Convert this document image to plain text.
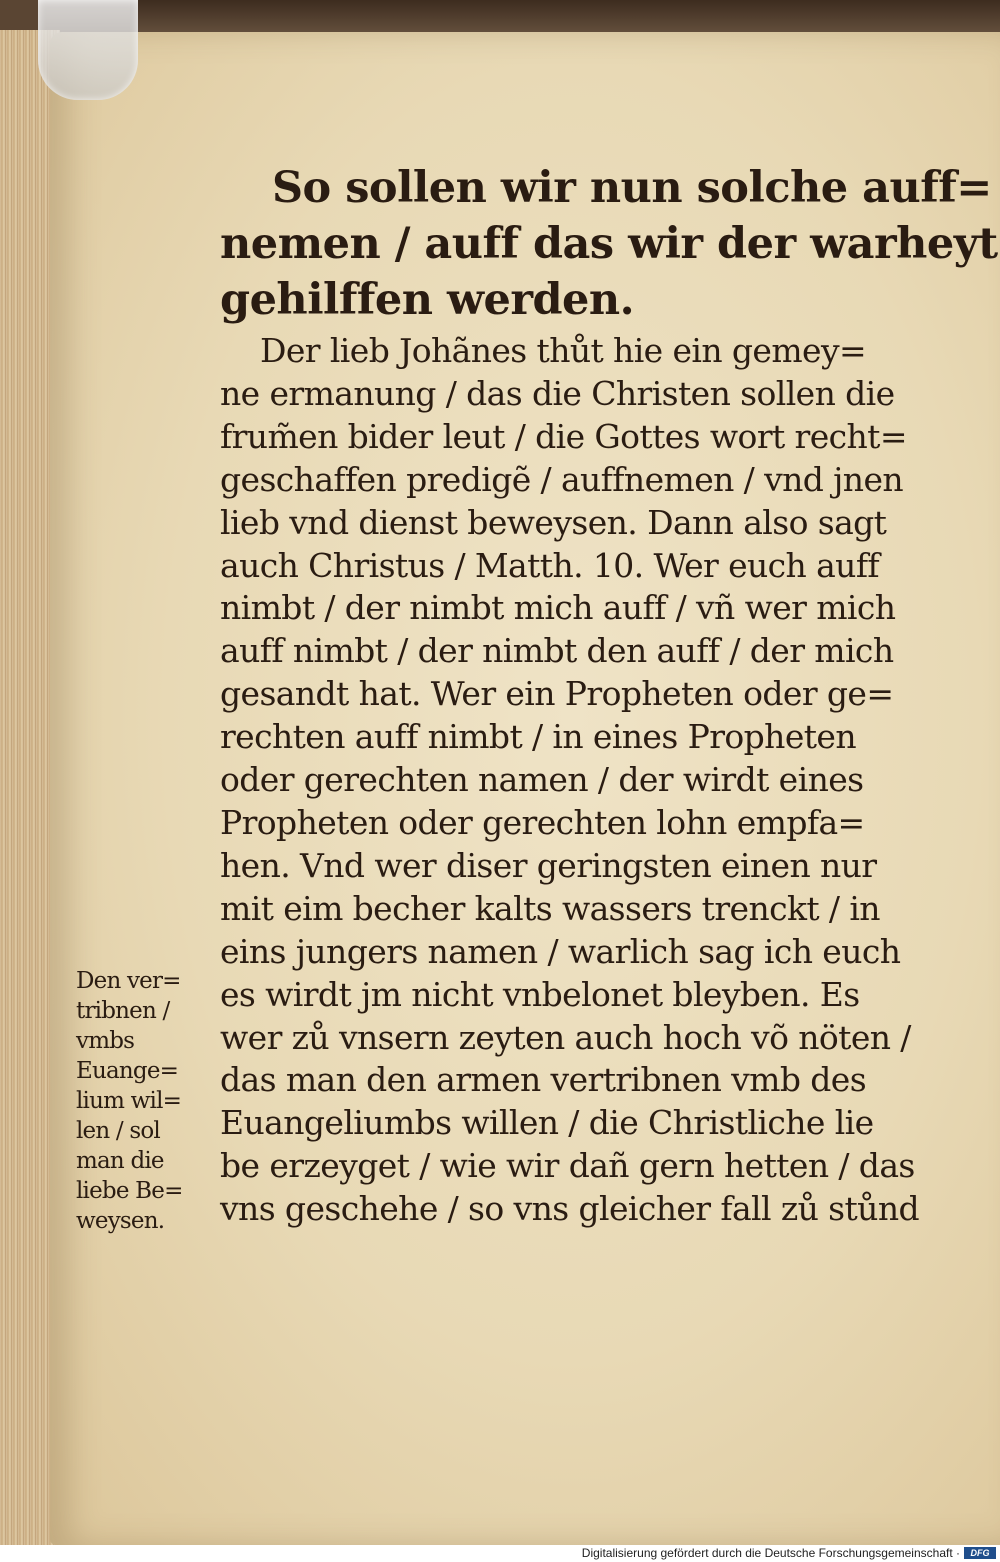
So sollen wir nun solche auff=
nemen / auff das wir der warheyt
gehilffen werden.
Der lieb Johãnes thůt hie ein gemey=
ne ermanung / das die Christen sollen die
frum̃en bider leut / die Gottes wort recht=
geschaffen predigẽ / auffnemen / vnd jnen
lieb vnd dienst beweysen. Dann also sagt
auch Christus / Matth. 10. Wer euch auff
nimbt / der nimbt mich auff / vñ wer mich
auff nimbt / der nimbt den auff / der mich
gesandt hat. Wer ein Propheten oder ge=
rechten auff nimbt / in eines Propheten
oder gerechten namen / der wirdt eines
Propheten oder gerechten lohn empfa=
hen. Vnd wer diser geringsten einen nur
mit eim becher kalts wassers trenckt / in
eins jungers namen / warlich sag ich euch
es wirdt jm nicht vnbelonet bleyben. Es
wer zů vnsern zeyten auch hoch võ nöten /
das man den armen vertribnen vmb des
Euangeliumbs willen / die Christliche lie
be erzeyget / wie wir dañ gern hetten / das
vns geschehe / so vns gleicher fall zů stůnd
Den ver=
tribnen /
vmbs
Euange=
lium wil=
len / sol
man die
liebe Be=
weysen.
Digitalisierung gefördert durch die Deutsche Forschungsgemeinschaft ·	DFG
